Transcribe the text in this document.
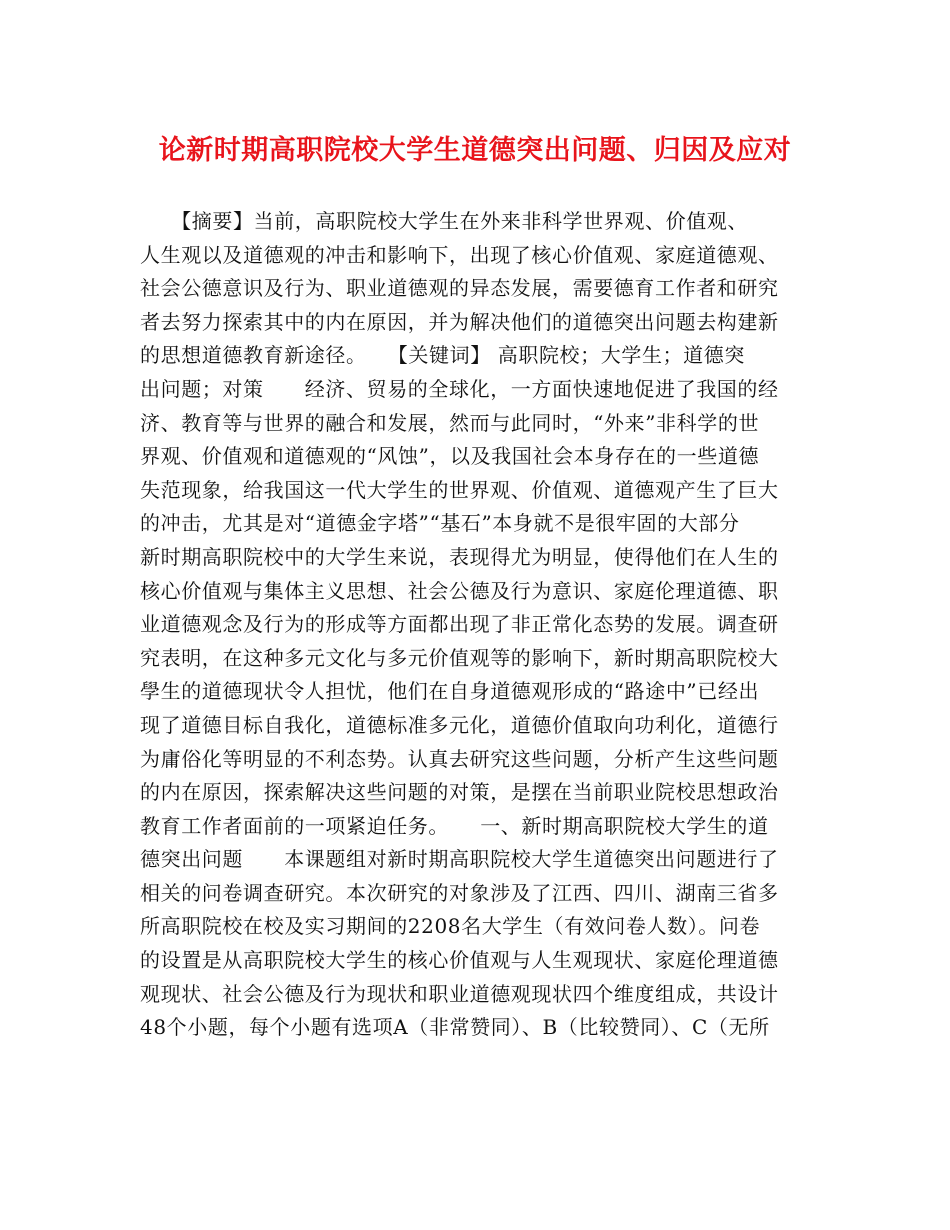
论新时期高职院校大学生道德突出问题、归因及应对
　　【摘要】当前，高职院校大学生在外来非科学世界观、价值观、
人生观以及道德观的冲击和影响下，出现了核心价值观、家庭道德观、
社会公德意识及行为、职业道德观的异态发展，需要德育工作者和研究
者去努力探索其中的内在原因，并为解决他们的道德突出问题去构建新
的思想道德教育新途径。　　【关键词】 高职院校；大学生；道德突
出问题；对策　　经济、贸易的全球化，一方面快速地促进了我国的经
济、教育等与世界的融合和发展，然而与此同时，“外来”非科学的世
界观、价值观和道德观的“风蚀”，以及我国社会本身存在的一些道德
失范现象，给我国这一代大学生的世界观、价值观、道德观产生了巨大
的冲击，尤其是对“道德金字塔”“基石”本身就不是很牢固的大部分
新时期高职院校中的大学生来说，表现得尤为明显，使得他们在人生的
核心价值观与集体主义思想、社会公德及行为意识、家庭伦理道德、职
业道德观念及行为的形成等方面都出现了非正常化态势的发展。调查研
究表明，在这种多元文化与多元价值观等的影响下，新时期高职院校大
學生的道德现状令人担忧，他们在自身道德观形成的“路途中”已经出
现了道德目标自我化，道德标准多元化，道德价值取向功利化，道德行
为庸俗化等明显的不利态势。认真去研究这些问题，分析产生这些问题
的内在原因，探索解决这些问题的对策，是摆在当前职业院校思想政治
教育工作者面前的一项紧迫任务。　　一、新时期高职院校大学生的道
德突出问题　　本课题组对新时期高职院校大学生道德突出问题进行了
相关的问卷调查研究。本次研究的对象涉及了江西、四川、湖南三省多
所高职院校在校及实习期间的2208名大学生（有效问卷人数）。问卷
的设置是从高职院校大学生的核心价值观与人生观现状、家庭伦理道德
观现状、社会公德及行为现状和职业道德观现状四个维度组成，共设计
48个小题，每个小题有选项A（非常赞同）、B（比较赞同）、C（无所
